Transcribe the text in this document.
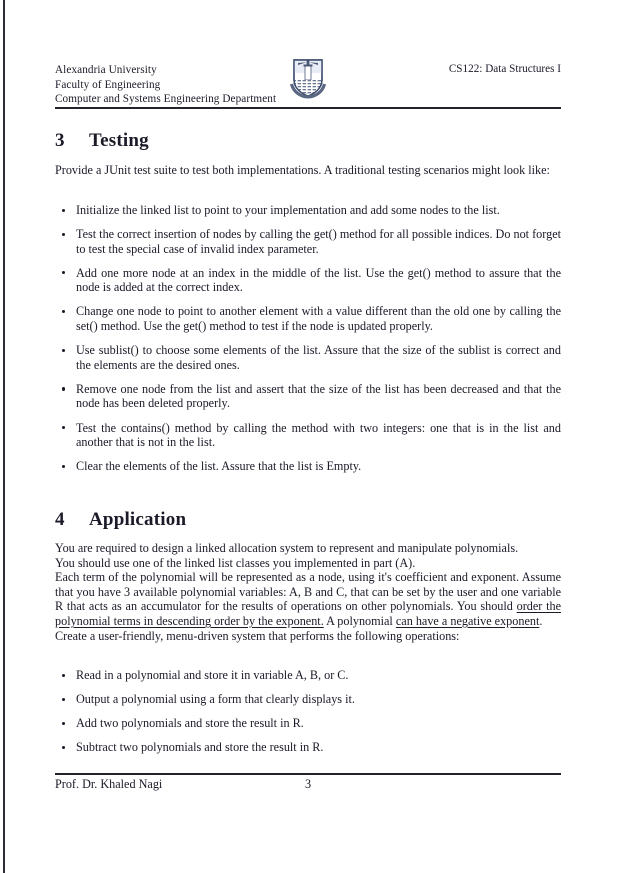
Alexandria University
Faculty of Engineering
Computer and Systems Engineering Department
CS122: Data Structures I
3 Testing

Provide a JUnit test suite to test both implementations. A traditional testing scenarios might look like:

Initialize the linked list to point to your implementation and add some nodes to the list.
Test the correct insertion of nodes by calling the get() method for all possible indices. Do not forget to test the special case of invalid index parameter.
Add one more node at an index in the middle of the list. Use the get() method to assure that the node is added at the correct index.
Change one node to point to another element with a value different than the old one by calling the set() method. Use the get() method to test if the node is updated properly.
Use sublist() to choose some elements of the list. Assure that the size of the sublist is correct and the elements are the desired ones.
Remove one node from the list and assert that the size of the list has been decreased and that the node has been deleted properly.
Test the contains() method by calling the method with two integers: one that is in the list and another that is not in the list.
Clear the elements of the list. Assure that the list is Empty.
4 Application

You are required to design a linked allocation system to represent and manipulate polynomials.

You should use one of the linked list classes you implemented in part (A).

Each term of the polynomial will be represented as a node, using it's coefficient and exponent. Assume that you have 3 available polynomial variables: A, B and C, that can be set by the user and one variable R that acts as an accumulator for the results of operations on other polynomials. You should order the polynomial terms in descending order by the exponent. A polynomial can have a negative exponent.

Create a user-friendly, menu-driven system that performs the following operations:

Read in a polynomial and store it in variable A, B, or C.
Output a polynomial using a form that clearly displays it.
Add two polynomials and store the result in R.
Subtract two polynomials and store the result in R.
Prof. Dr. Khaled Nagi	3
